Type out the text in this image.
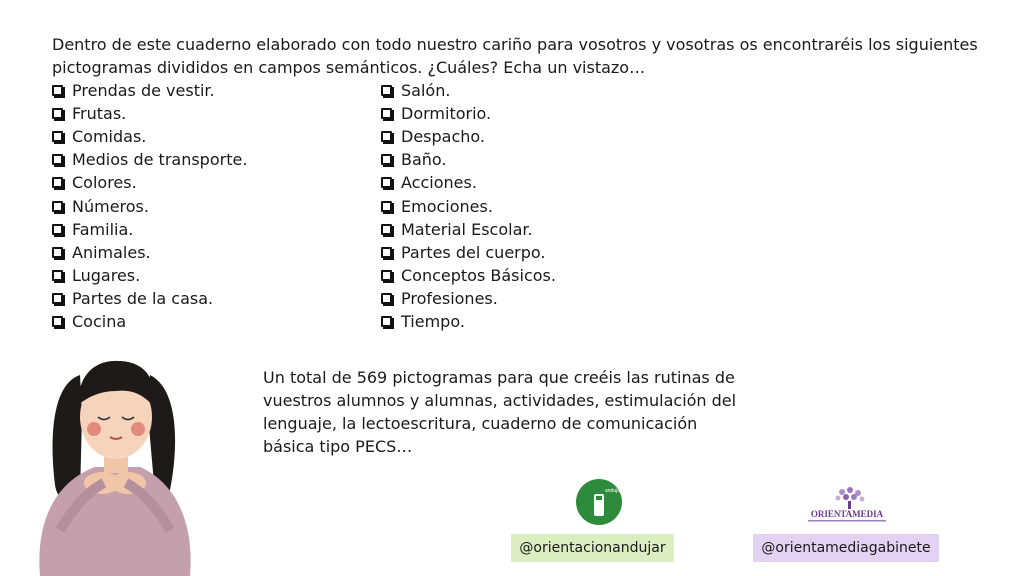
Dentro de este cuaderno elaborado con todo nuestro cariño para vosotros y vosotras os encontraréis los siguientes pictogramas divididos en campos semánticos. ¿Cuáles? Echa un vistazo…

Prendas de vestir.
Frutas.
Comidas.
Medios de transporte.
Colores.
Números.
Familia.
Animales.
Lugares.
Partes de la casa.
Cocina
Salón.
Dormitorio.
Despacho.
Baño.
Acciones.
Emociones.
Material Escolar.
Partes del cuerpo.
Conceptos Básicos.
Profesiones.
Tiempo.

Un total de 569 pictogramas para que creéis las rutinas de vuestros alumnos y alumnas, actividades, estimulación del lenguaje, la lectoescritura, cuaderno de comunicación básica tipo PECS…

andujar
ORIENTAMEDIA
@orientacionandujar	@orientamediagabinete
